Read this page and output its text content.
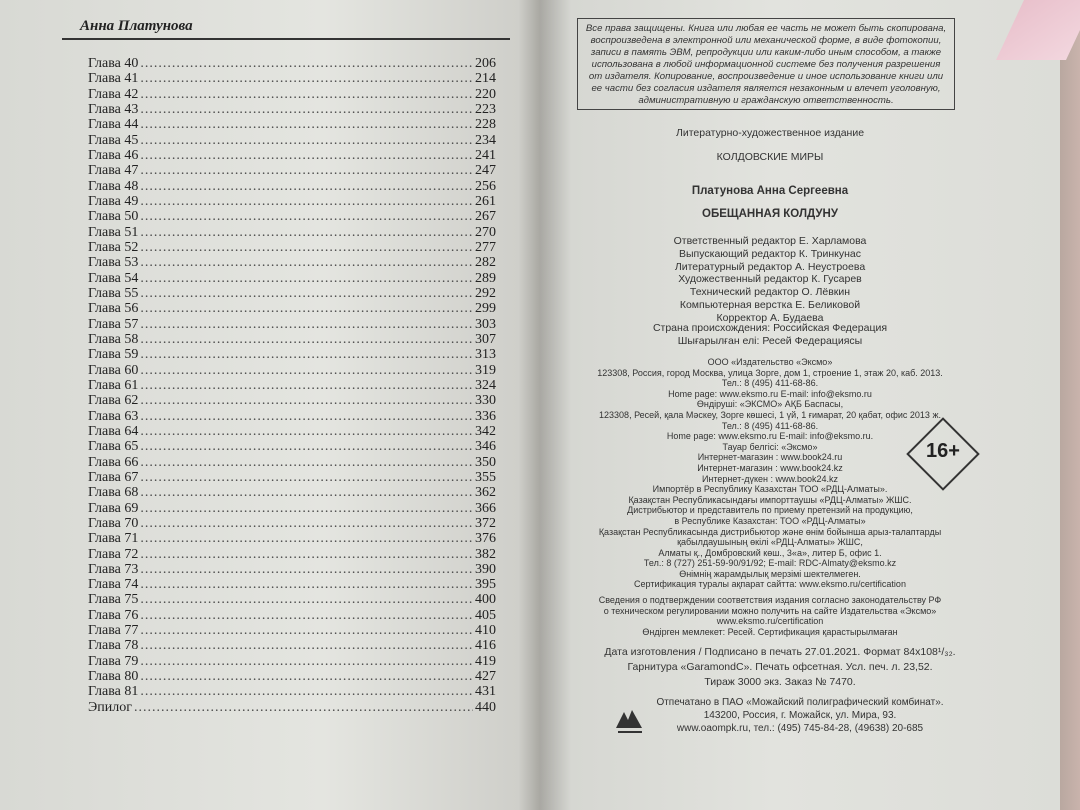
Анна Платунова
Глава 40 .....	206
Глава 41 .....	214
Глава 42 .....	220
Глава 43 .....	223
Глава 44 .....	228
Глава 45 .....	234
Глава 46 .....	241
Глава 47 .....	247
Глава 48 .....	256
Глава 49 .....	261
Глава 50 .....	267
Глава 51 .....	270
Глава 52 .....	277
Глава 53 .....	282
Глава 54 .....	289
Глава 55 .....	292
Глава 56 .....	299
Глава 57 .....	303
Глава 58 .....	307
Глава 59 .....	313
Глава 60 .....	319
Глава 61 .....	324
Глава 62 .....	330
Глава 63 .....	336
Глава 64 .....	342
Глава 65 .....	346
Глава 66 .....	350
Глава 67 .....	355
Глава 68 .....	362
Глава 69 .....	366
Глава 70 .....	372
Глава 71 .....	376
Глава 72 .....	382
Глава 73 .....	390
Глава 74 .....	395
Глава 75 .....	400
Глава 76 .....	405
Глава 77 .....	410
Глава 78 .....	416
Глава 79 .....	419
Глава 80 .....	427
Глава 81 .....	431
Эпилог .....	440
Все права защищены. Книга или любая ее часть не может быть скопирована, воспроизведена в электронной или механической форме, в виде фотокопии, записи в память ЭВМ, репродукции или каким-либо иным способом, а также использована в любой информационной системе без получения разрешения от издателя. Копирование, воспроизведение и иное использование книги или ее части без согласия издателя является незаконным и влечет уголовную, административную и гражданскую ответственность.
Литературно-художественное издание
КОЛДОВСКИЕ МИРЫ
Платунова Анна Сергеевна
ОБЕЩАННАЯ КОЛДУНУ
Ответственный редактор Е. Харламова
Выпускающий редактор К. Тринкунас
Литературный редактор А. Неустроева
Художественный редактор К. Гусарев
Технический редактор О. Лёвкин
Компьютерная верстка Е. Беликовой
Корректор А. Будаева
Страна происхождения: Российская Федерация
Шығарылған елі: Ресей Федерациясы
ООО «Издательство «Эксмо»
123308, Россия, город Москва, улица Зорге, дом 1, строение 1, этаж 20, каб. 2013.
Тел.: 8 (495) 411-68-86.
Home page: www.eksmo.ru E-mail: info@eksmo.ru
Өндіруші: «ЭКСМО» АҚБ Баспасы,
123308, Ресей, қала Мәскеу, Зорге көшесі, 1 үй, 1 ғимарат, 20 қабат, офис 2013 ж.
Тел.: 8 (495) 411-68-86.
Home page: www.eksmo.ru E-mail: info@eksmo.ru.
Тауар белгісі: «Эксмо»
Интернет-магазин : www.book24.ru
Интернет-магазин : www.book24.kz
Интернет-дүкен : www.book24.kz
Импортёр в Республику Казахстан ТОО «РДЦ-Алматы».
Қазақстан Республикасындағы импорттаушы «РДЦ-Алматы» ЖШС.
Дистрибьютор и представитель по приему претензий на продукцию,
в Республике Казахстан: ТОО «РДЦ-Алматы»
Қазақстан Республикасында дистрибьютор және өнім бойынша арыз-талаптарды
қабылдаушының өкілі «РДЦ-Алматы» ЖШС,
Алматы қ., Домбровский көш., 3«а», литер Б, офис 1.
Тел.: 8 (727) 251-59-90/91/92; E-mail: RDC-Almaty@eksmo.kz
Өнімнің жарамдылық мерзімі шектелмеген.
Сертификация туралы ақпарат сайтта: www.eksmo.ru/certification
16+
Сведения о подтверждении соответствия издания согласно законодательству РФ
о техническом регулировании можно получить на сайте Издательства «Эксмо»
www.eksmo.ru/certification
Өндірген мемлекет: Ресей. Сертификация қарастырылмаған
Дата изготовления / Подписано в печать 27.01.2021. Формат 84x108¹/₃₂.
Гарнитура «GaramondC». Печать офсетная. Усл. печ. л. 23,52.
Тираж 3000 экз. Заказ № 7470.
Отпечатано в ПАО «Можайский полиграфический комбинат».
143200, Россия, г. Можайск, ул. Мира, 93.
www.oaompk.ru, тел.: (495) 745-84-28, (49638) 20-685
